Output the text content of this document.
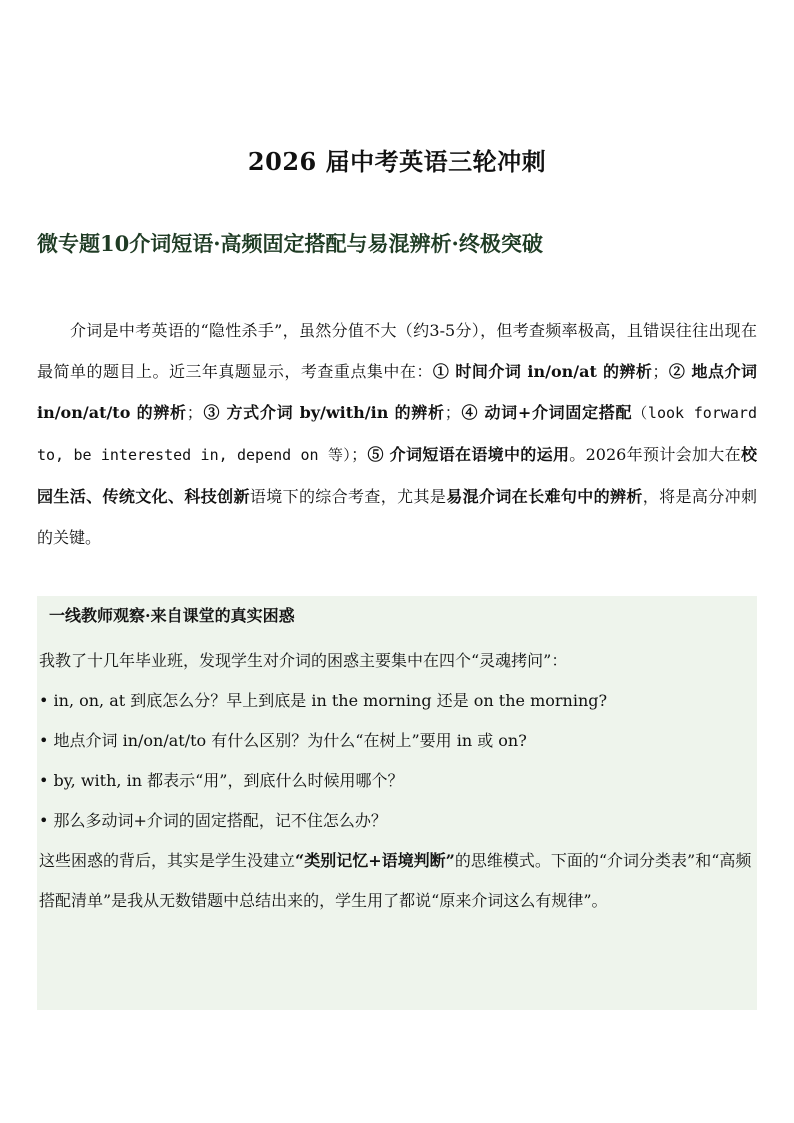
2026 届中考英语三轮冲刺
微专题10介词短语·高频固定搭配与易混辨析·终极突破
介词是中考英语的“隐性杀手”，虽然分值不大（约3-5分），但考查频率极高，且错误往往出现在最简单的题目上。近三年真题显示，考查重点集中在：① 时间介词 in/on/at 的辨析；② 地点介词 in/on/at/to 的辨析；③ 方式介词 by/with/in 的辨析；④ 动词+介词固定搭配（look forward to, be interested in, depend on 等）；⑤ 介词短语在语境中的运用。2026年预计会加大在校园生活、传统文化、科技创新语境下的综合考查，尤其是易混介词在长难句中的辨析，将是高分冲刺的关键。
一线教师观察·来自课堂的真实困惑

我教了十几年毕业班，发现学生对介词的困惑主要集中在四个“灵魂拷问”：

• in, on, at 到底怎么分？早上到底是 in the morning 还是 on the morning?

• 地点介词 in/on/at/to 有什么区别？为什么“在树上”要用 in 或 on?

• by, with, in 都表示“用”，到底什么时候用哪个？

• 那么多动词+介词的固定搭配，记不住怎么办？

这些困惑的背后，其实是学生没建立“类别记忆+语境判断”的思维模式。下面的“介词分类表”和“高频搭配清单”是我从无数错题中总结出来的，学生用了都说“原来介词这么有规律”。
